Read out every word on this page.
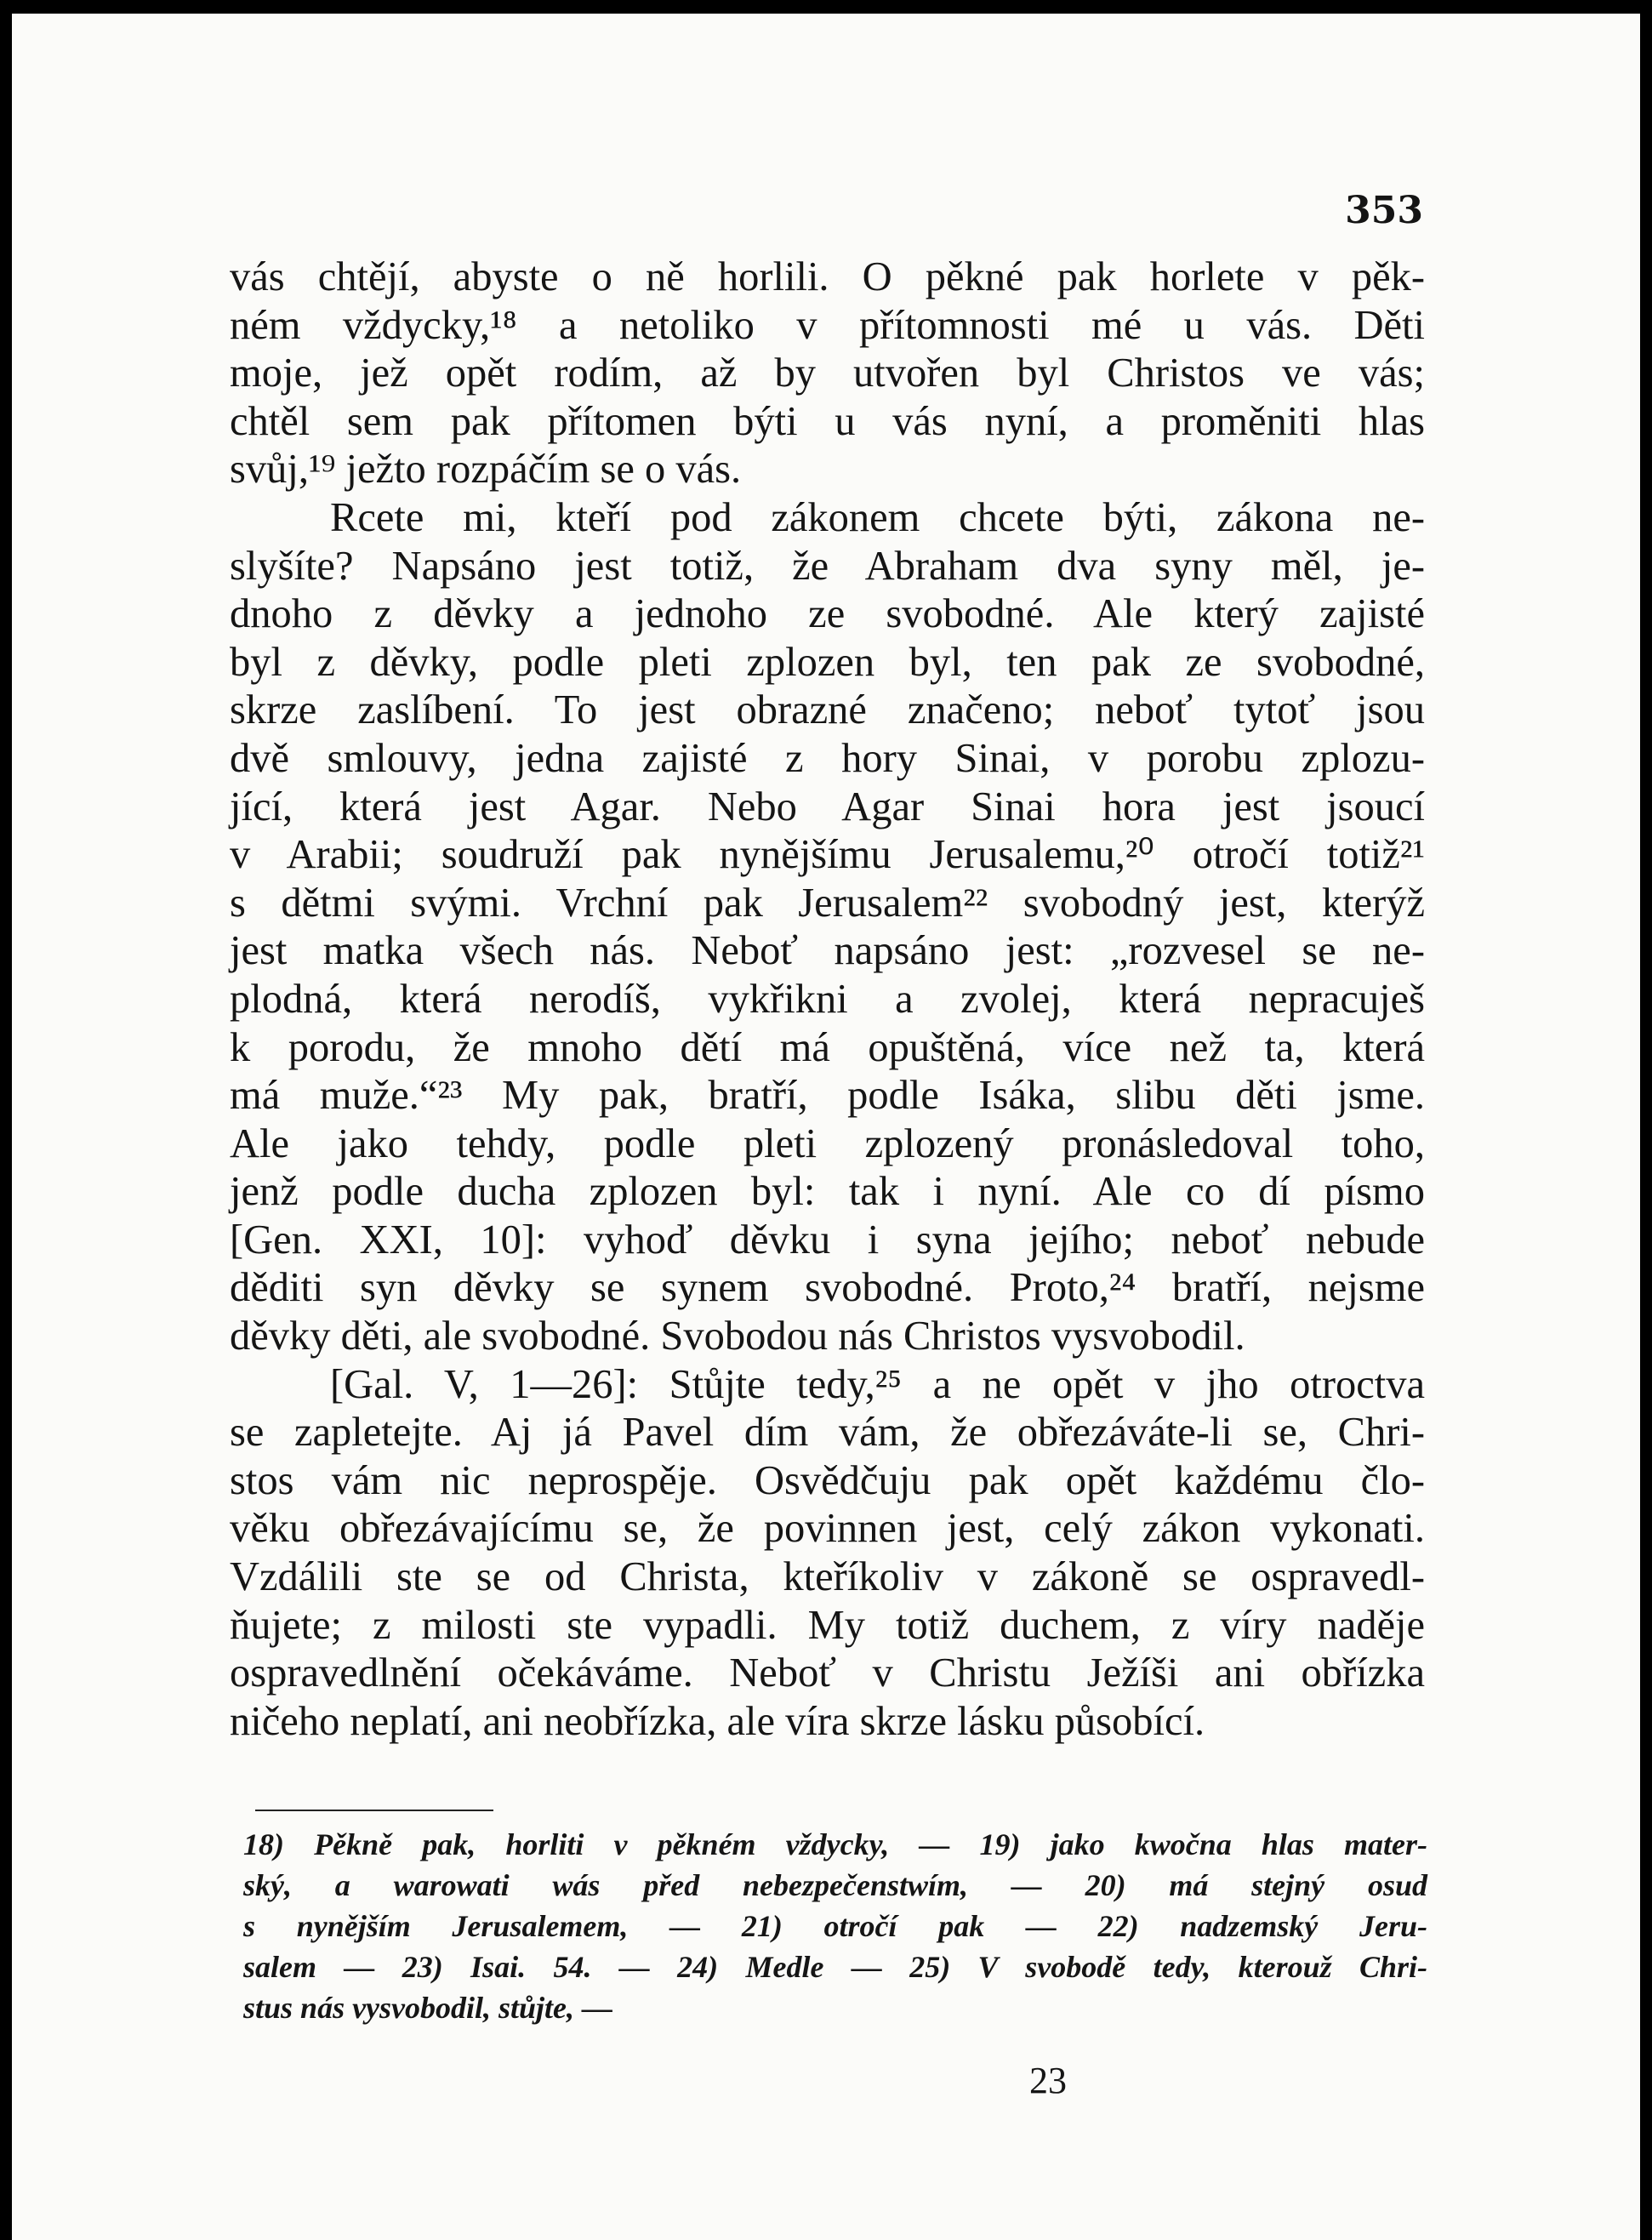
353
vás chtějí, abyste o ně horlili. O pěkné pak horlete v pěk-
ném vždycky,¹⁸ a netoliko v přítomnosti mé u vás. Děti
moje, jež opět rodím, až by utvořen byl Christos ve vás;
chtěl sem pak přítomen býti u vás nyní, a proměniti hlas
svůj,¹⁹ ježto rozpáčím se o vás.
Rcete mi, kteří pod zákonem chcete býti, zákona ne-
slyšíte? Napsáno jest totiž, že Abraham dva syny měl, je-
dnoho z děvky a jednoho ze svobodné. Ale který zajisté
byl z děvky, podle pleti zplozen byl, ten pak ze svobodné,
skrze zaslíbení. To jest obrazné značeno; neboť tytoť jsou
dvě smlouvy, jedna zajisté z hory Sinai, v porobu zplozu-
jící, která jest Agar. Nebo Agar Sinai hora jest jsoucí
v Arabii; soudruží pak nynějšímu Jerusalemu,²⁰ otročí totiž²¹
s dětmi svými. Vrchní pak Jerusalem²² svobodný jest, kterýž
jest matka všech nás. Neboť napsáno jest: „rozvesel se ne-
plodná, která nerodíš, vykřikni a zvolej, která nepracuješ
k porodu, že mnoho dětí má opuštěná, více než ta, která
má muže.“²³ My pak, bratří, podle Isáka, slibu děti jsme.
Ale jako tehdy, podle pleti zplozený pronásledoval toho,
jenž podle ducha zplozen byl: tak i nyní. Ale co dí písmo
[Gen. XXI, 10]: vyhoď děvku i syna jejího; neboť nebude
děditi syn děvky se synem svobodné. Proto,²⁴ bratří, nejsme
děvky děti, ale svobodné. Svobodou nás Christos vysvobodil.
[Gal. V, 1—26]: Stůjte tedy,²⁵ a ne opět v jho otroctva
se zapletejte. Aj já Pavel dím vám, že obřezáváte-li se, Chri-
stos vám nic neprospěje. Osvědčuju pak opět každému člo-
věku obřezávajícímu se, že povinnen jest, celý zákon vykonati.
Vzdálili ste se od Christa, kteříkoliv v zákoně se ospravedl-
ňujete; z milosti ste vypadli. My totiž duchem, z víry naděje
ospravedlnění očekáváme. Neboť v Christu Ježíši ani obřízka
ničeho neplatí, ani neobřízka, ale víra skrze lásku působící.
18) Pěkně pak, horliti v pěkném vždycky, — 19) jako kwočna hlas mater-
ský, a warowati wás před nebezpečenstwím, — 20) má stejný osud
s nynějším Jerusalemem, — 21) otročí pak — 22) nadzemský Jeru-
salem — 23) Isai. 54. — 24) Medle — 25) V svobodě tedy, kterouž Chri-
stus nás vysvobodil, stůjte, —
23
